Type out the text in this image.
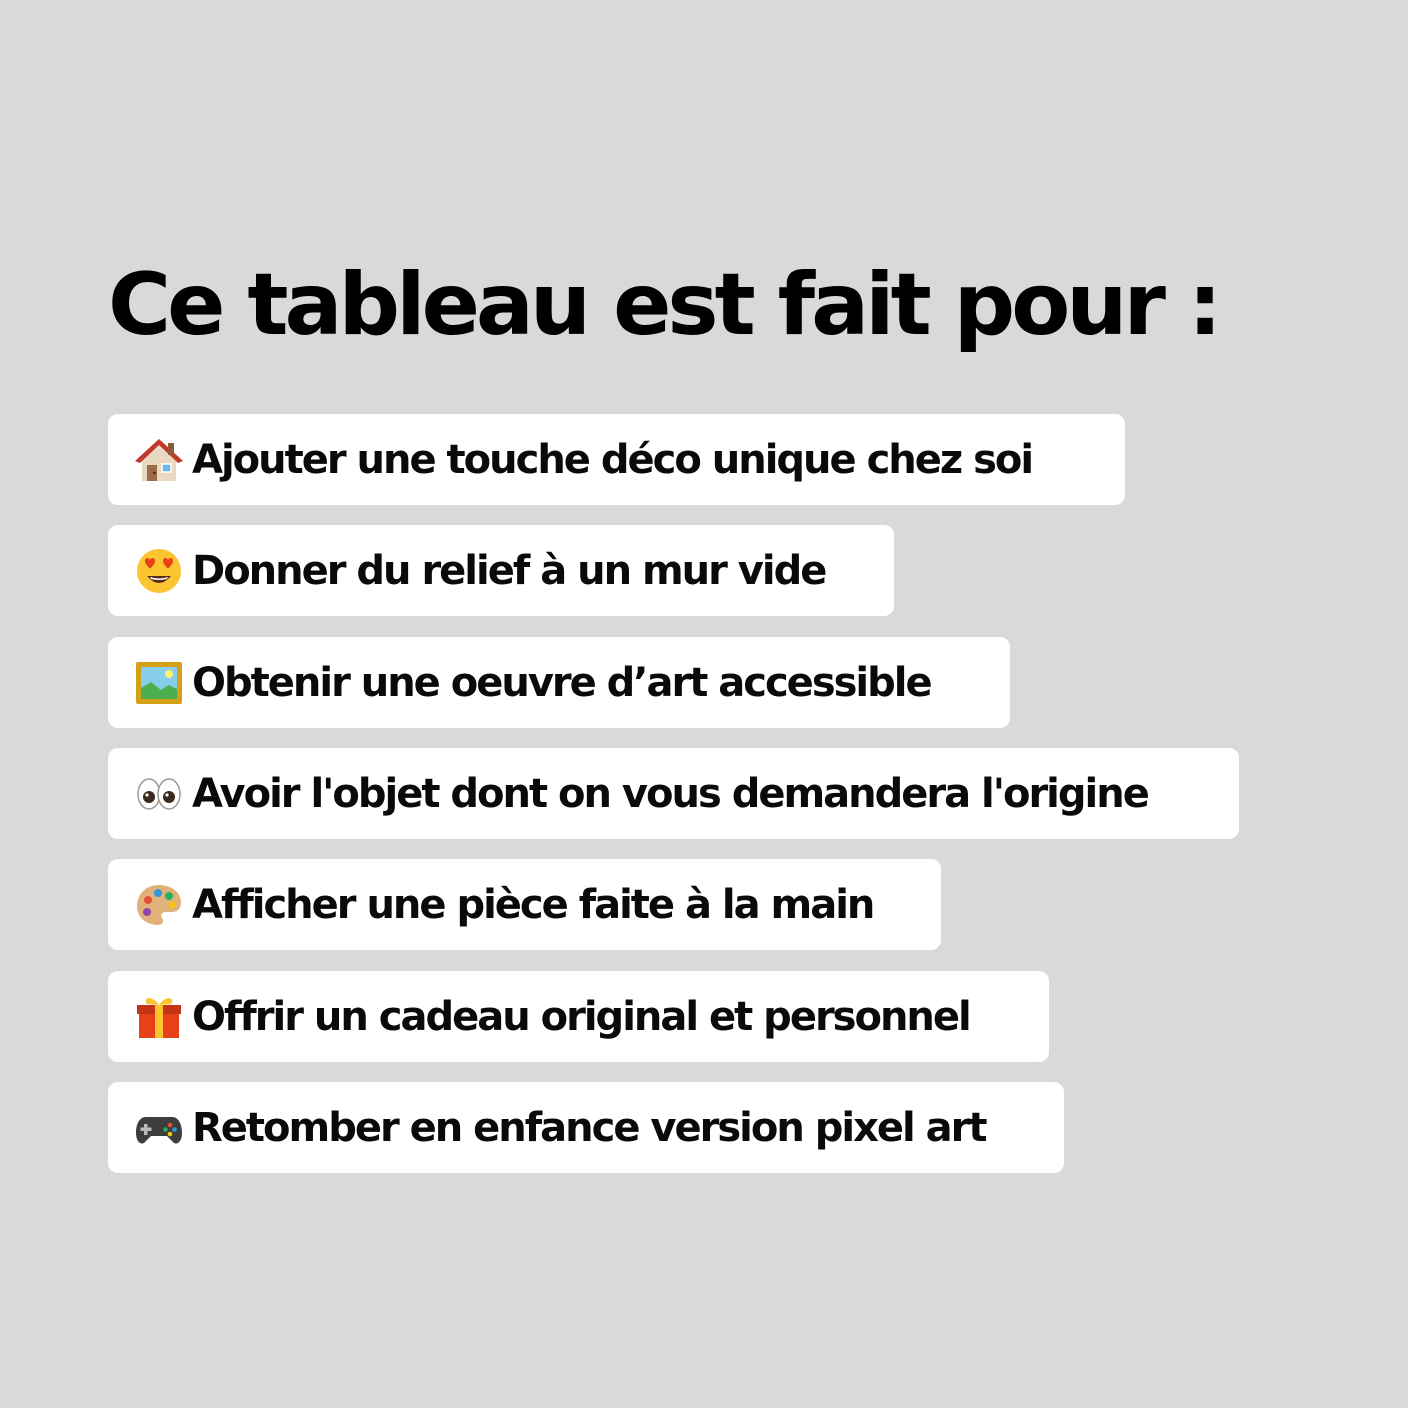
Ce tableau est fait pour :
Ajouter une touche déco unique chez soi
Donner du relief à un mur vide
Obtenir une oeuvre d’art accessible
Avoir l'objet dont on vous demandera l'origine
Afficher une pièce faite à la main
Offrir un cadeau original et personnel
Retomber en enfance version pixel art
